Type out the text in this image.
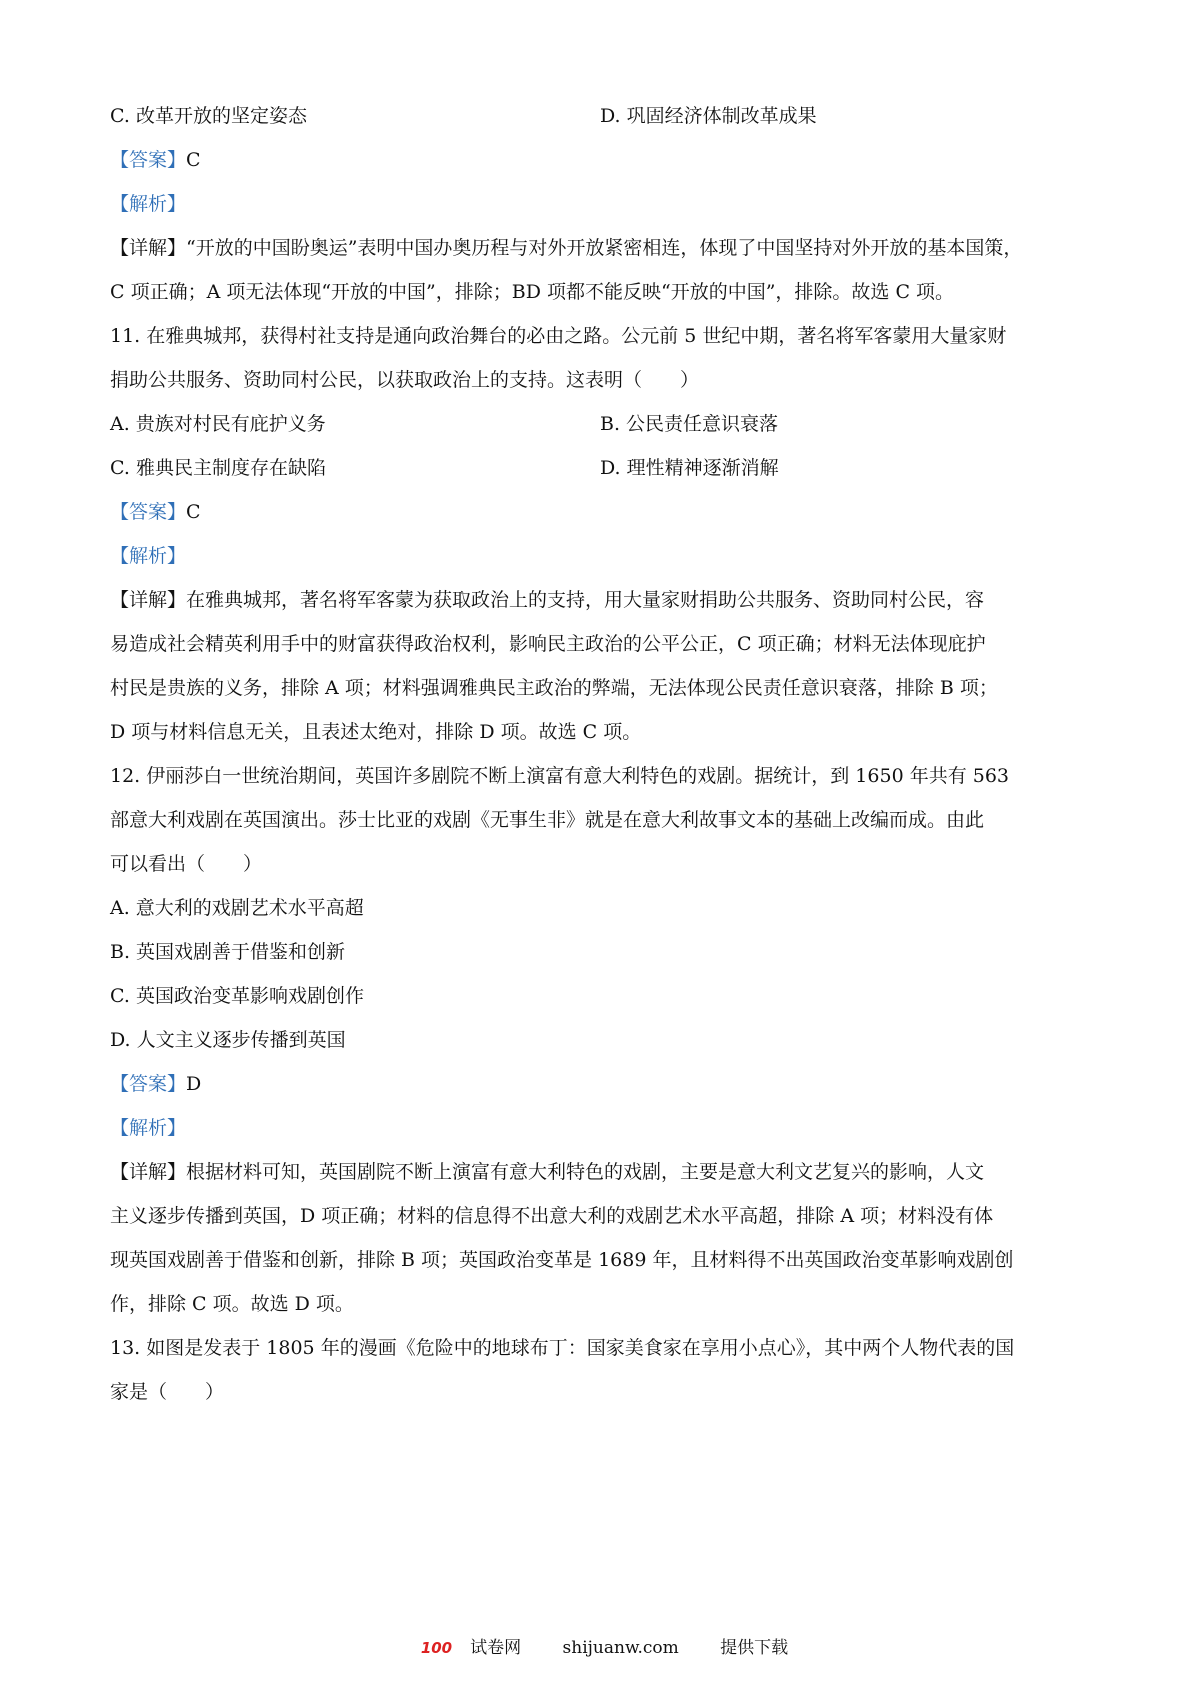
C. 改革开放的坚定姿态	D. 巩固经济体制改革成果
【答案】C
【解析】
【详解】“开放的中国盼奥运”表明中国办奥历程与对外开放紧密相连，体现了中国坚持对外开放的基本国策，
C 项正确；A 项无法体现“开放的中国”，排除；BD 项都不能反映“开放的中国”，排除。故选 C 项。
11. 在雅典城邦，获得村社支持是通向政治舞台的必由之路。公元前 5 世纪中期，著名将军客蒙用大量家财
捐助公共服务、资助同村公民，以获取政治上的支持。这表明（　　）
A. 贵族对村民有庇护义务	B. 公民责任意识衰落
C. 雅典民主制度存在缺陷	D. 理性精神逐渐消解
【答案】C
【解析】
【详解】在雅典城邦，著名将军客蒙为获取政治上的支持，用大量家财捐助公共服务、资助同村公民，容
易造成社会精英利用手中的财富获得政治权利，影响民主政治的公平公正，C 项正确；材料无法体现庇护
村民是贵族的义务，排除 A 项；材料强调雅典民主政治的弊端，无法体现公民责任意识衰落，排除 B 项；
D 项与材料信息无关，且表述太绝对，排除 D 项。故选 C 项。
12. 伊丽莎白一世统治期间，英国许多剧院不断上演富有意大利特色的戏剧。据统计，到 1650 年共有 563
部意大利戏剧在英国演出。莎士比亚的戏剧《无事生非》就是在意大利故事文本的基础上改编而成。由此
可以看出（　　）
A. 意大利的戏剧艺术水平高超
B. 英国戏剧善于借鉴和创新
C. 英国政治变革影响戏剧创作
D. 人文主义逐步传播到英国
【答案】D
【解析】
【详解】根据材料可知，英国剧院不断上演富有意大利特色的戏剧，主要是意大利文艺复兴的影响，人文
主义逐步传播到英国，D 项正确；材料的信息得不出意大利的戏剧艺术水平高超，排除 A 项；材料没有体
现英国戏剧善于借鉴和创新，排除 B 项；英国政治变革是 1689 年，且材料得不出英国政治变革影响戏剧创
作，排除 C 项。故选 D 项。
13. 如图是发表于 1805 年的漫画《危险中的地球布丁：国家美食家在享用小点心》，其中两个人物代表的国
家是（　　）
100 试卷网 shijuanw.com 提供下载
